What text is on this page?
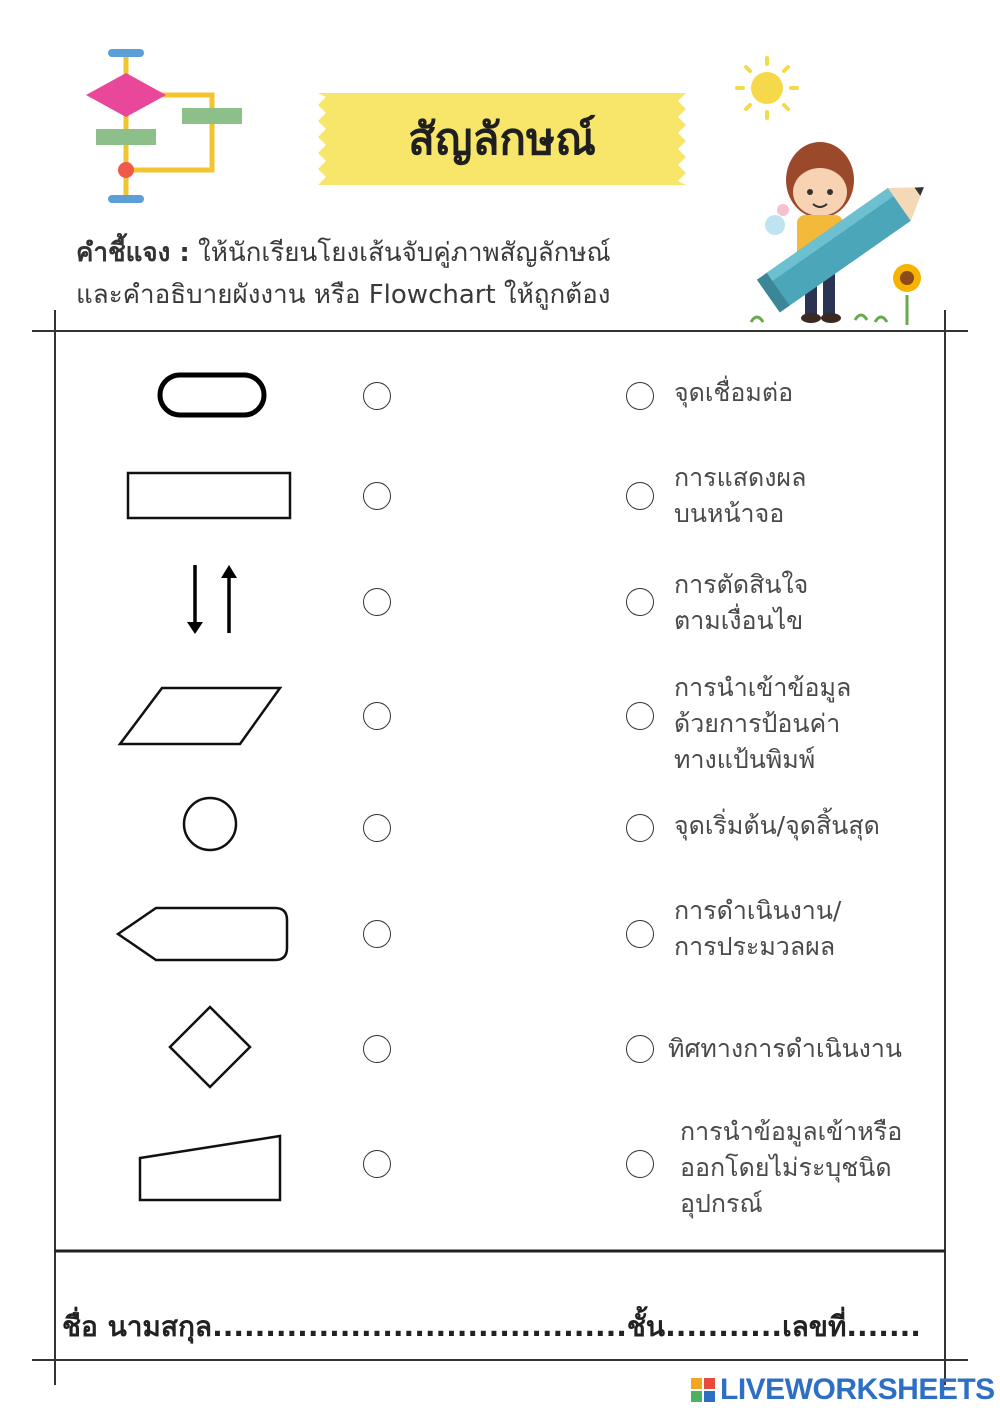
สัญลักษณ์
คำชี้แจง : ให้นักเรียนโยงเส้นจับคู่ภาพสัญลักษณ์
และคำอธิบายผังงาน หรือ Flowchart ให้ถูกต้อง
จุดเชื่อมต่อ
การแสดงผล
บนหน้าจอ
การตัดสินใจ
ตามเงื่อนไข
การนำเข้าข้อมูล
ด้วยการป้อนค่า
ทางแป้นพิมพ์
จุดเริ่มต้น/จุดสิ้นสุด
การดำเนินงาน/
การประมวลผล
ทิศทางการดำเนินงาน
การนำข้อมูลเข้าหรือ
ออกโดยไม่ระบุชนิด
อุปกรณ์
ชื่อ นามสกุล.......................................ชั้น...........เลขที่.......
LIVEWORKSHEETS
